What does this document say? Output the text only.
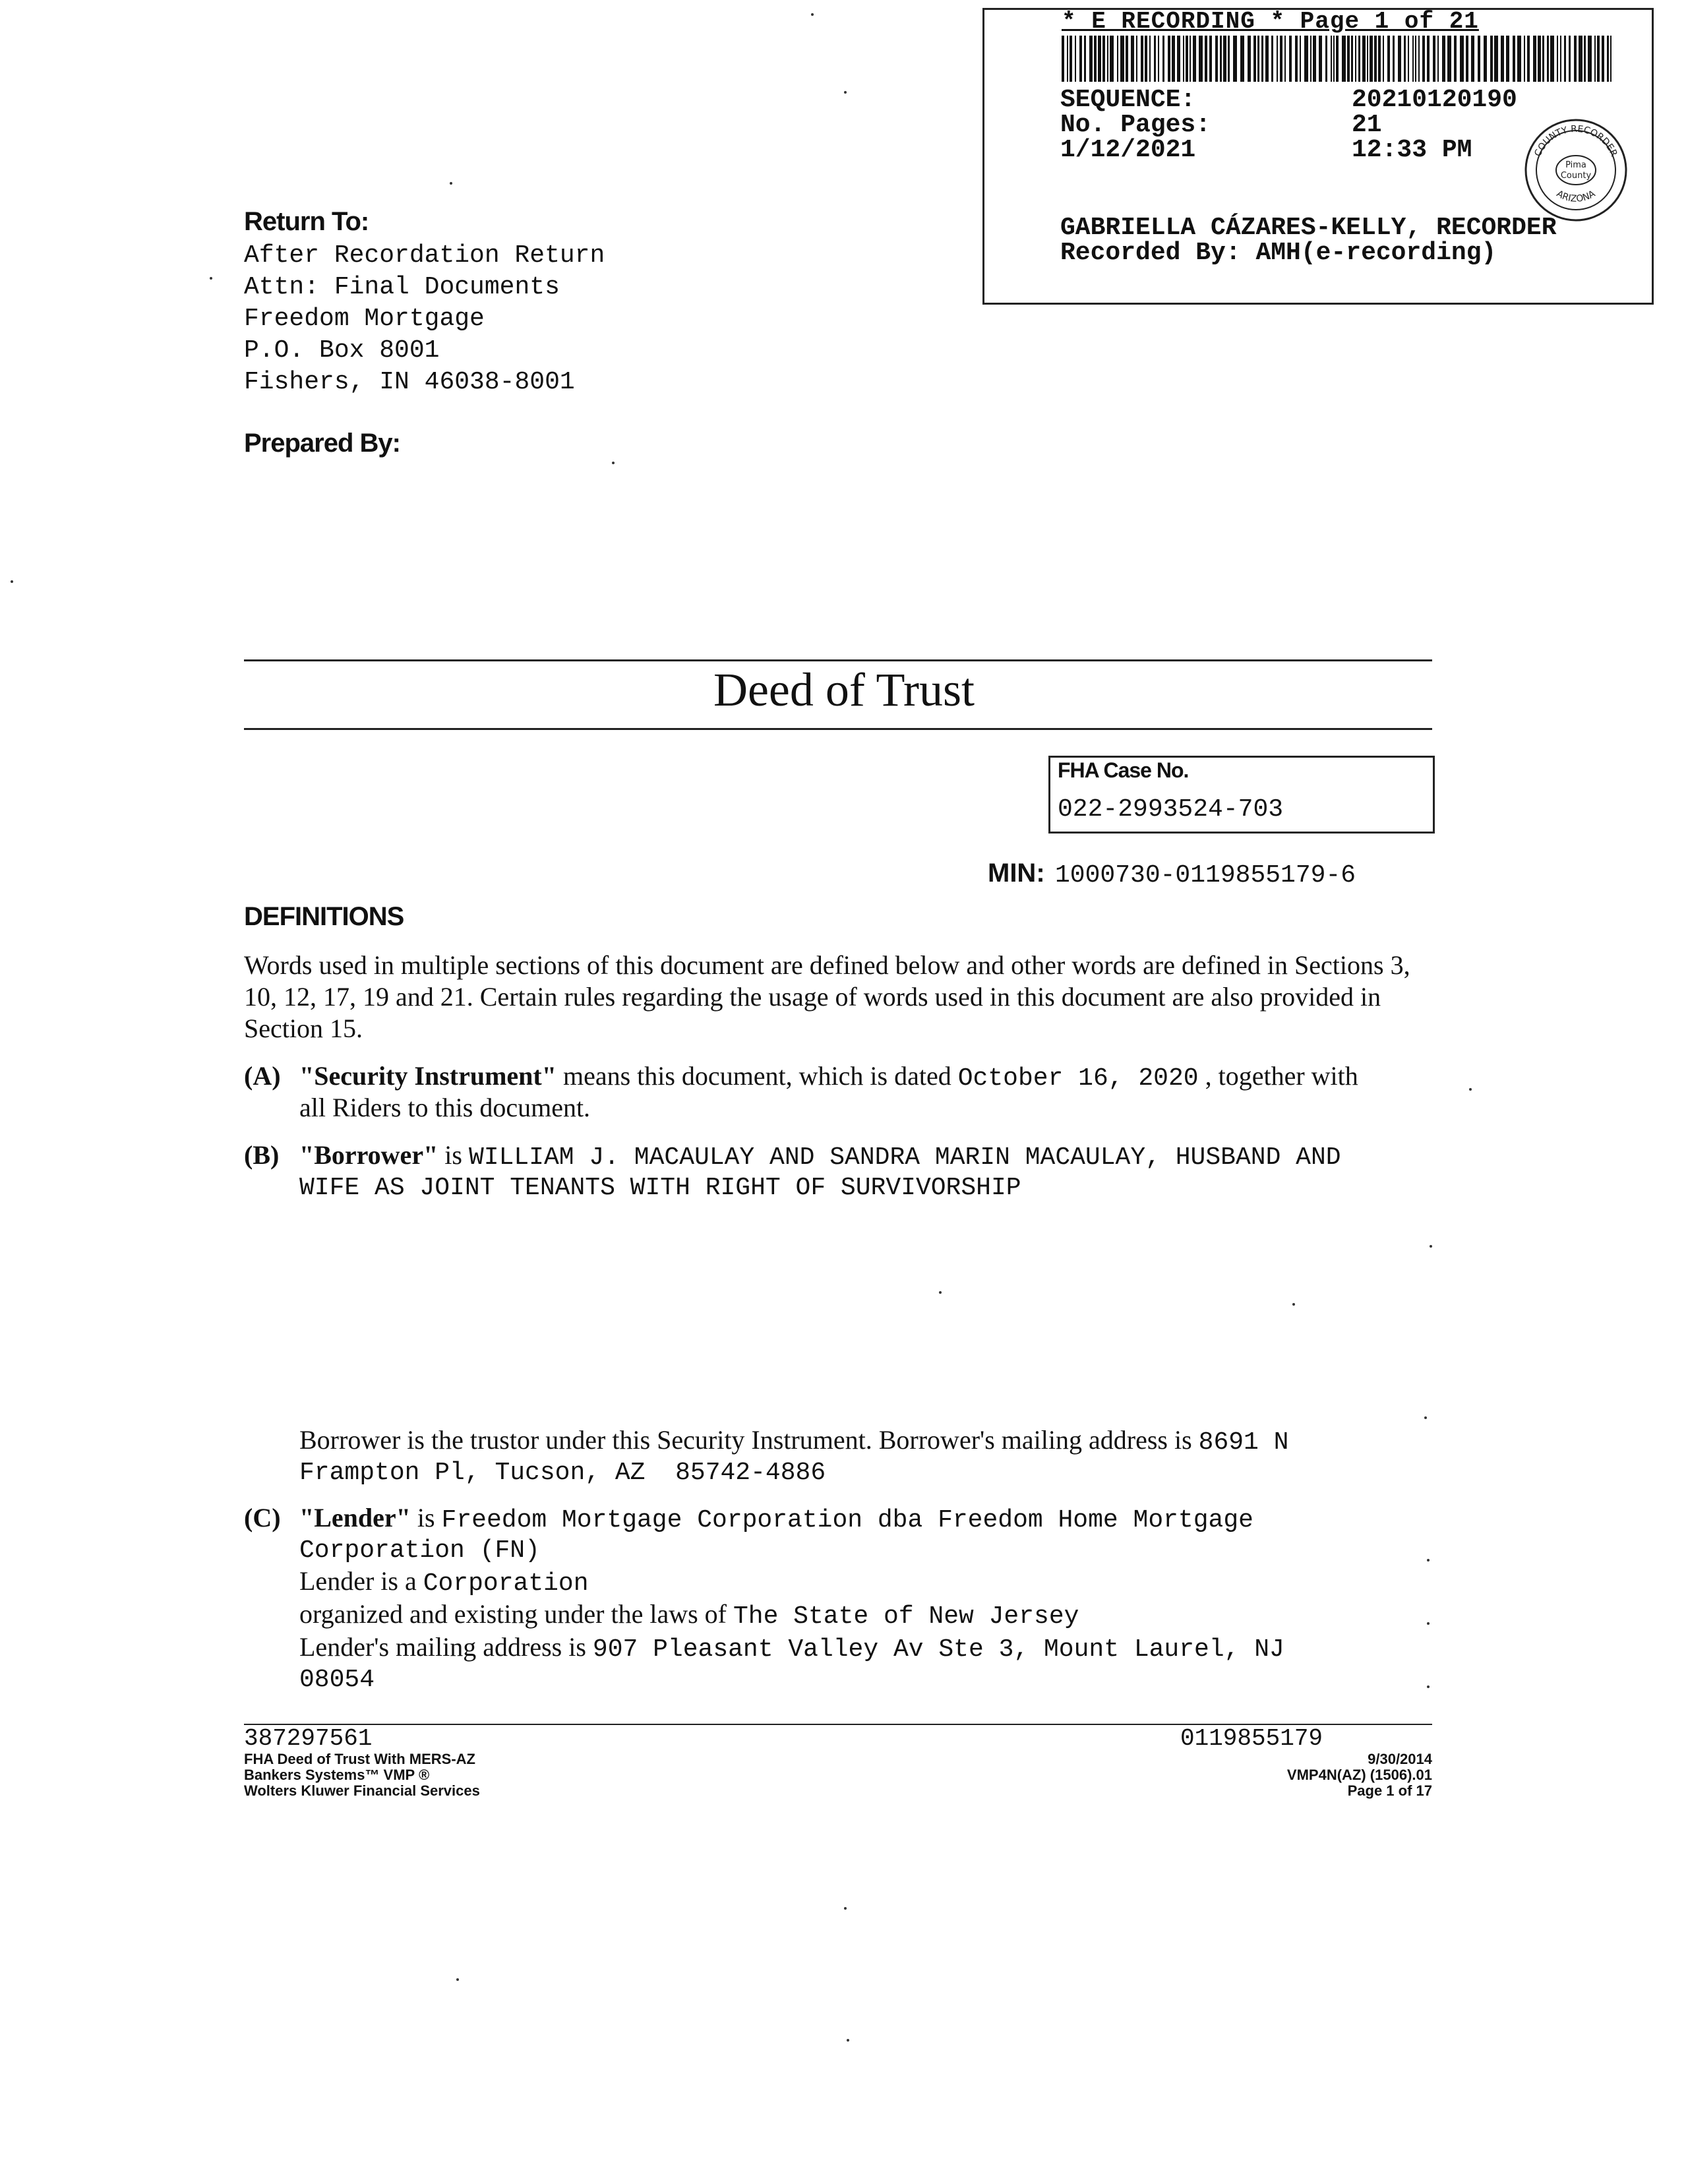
* E RECORDING * Page 1 of 21
SEQUENCE:	20210120190
No. Pages:	21
1/12/2021	12:33 PM
Pima
County
COUNTY RECORDER
ARIZONA
GABRIELLA CÁZARES-KELLY, RECORDER
Recorded By: AMH(e-recording)
Return To:
After Recordation Return
Attn: Final Documents
Freedom Mortgage
P.O. Box 8001
Fishers, IN 46038-8001
Prepared By:
Deed of Trust
FHA Case No.
022-2993524-703
MIN: 1000730-0119855179-6
DEFINITIONS
Words used in multiple sections of this document are defined below and other words are defined in Sections 3,
10, 12, 17, 19 and 21. Certain rules regarding the usage of words used in this document are also provided in
Section 15.
(A) "Security Instrument" means this document, which is dated October 16, 2020 , together with
all Riders to this document.
(B) "Borrower" is WILLIAM J. MACAULAY AND SANDRA MARIN MACAULAY, HUSBAND AND
WIFE AS JOINT TENANTS WITH RIGHT OF SURVIVORSHIP
Borrower is the trustor under this Security Instrument. Borrower's mailing address is 8691 N
Frampton Pl, Tucson, AZ  85742-4886
(C) "Lender" is Freedom Mortgage Corporation dba Freedom Home Mortgage
Corporation (FN)
Lender is a Corporation
organized and existing under the laws of The State of New Jersey
Lender's mailing address is 907 Pleasant Valley Av Ste 3, Mount Laurel, NJ
08054
387297561
FHA Deed of Trust With MERS-AZ
Bankers Systems™ VMP ®
Wolters Kluwer Financial Services
0119855179
9/30/2014
VMP4N(AZ) (1506).01
Page 1 of 17
